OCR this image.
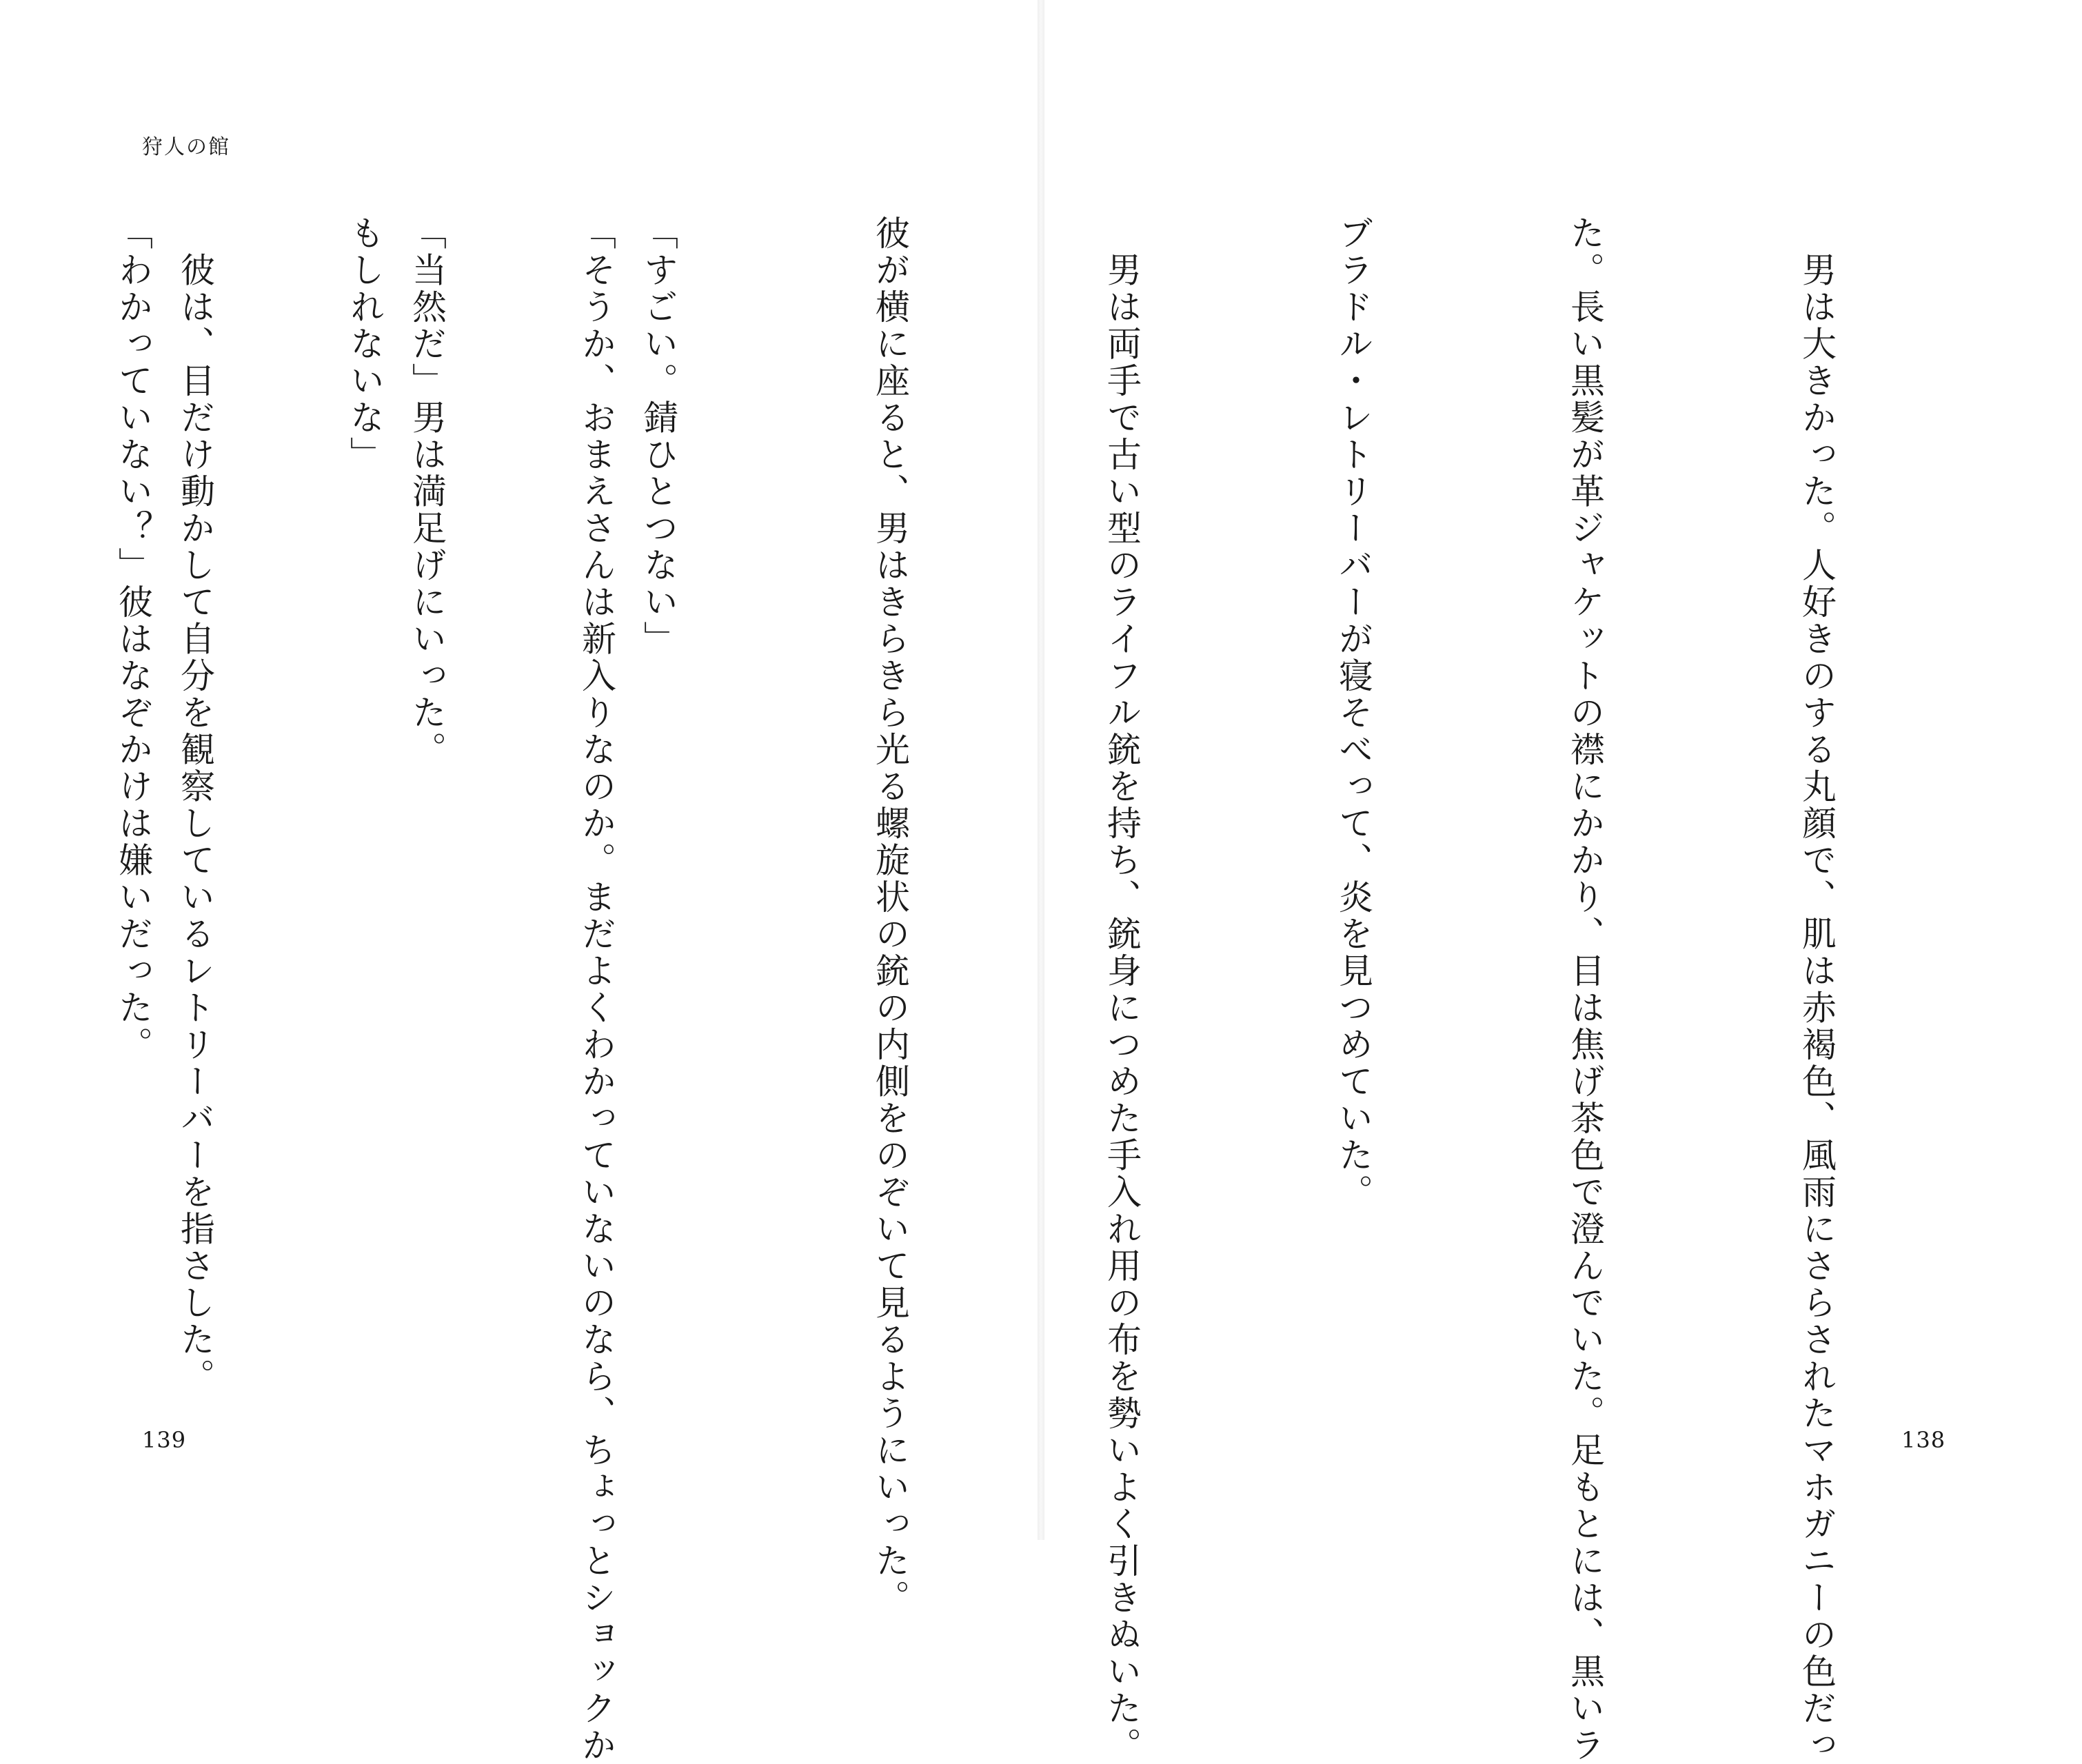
狩人の館

「そうか、おまえさんは新入りなのか。まだよくわかっていないのなら、ちょっとショックか

もしれないな」

「わかっていない？」彼はなぞかけは嫌いだった。

139

	　男は大きかった。人好きのする丸顔で、肌は赤褐色、風雨にさらされたマホガニーの色だっ

た。長い黒髪が革ジャケットの襟にかかり、目は焦げ茶色で澄んでいた。足もとには、黒いラ

ブラドル・レトリーバーが寝そべって、炎を見つめていた。

　男は両手で古い型のライフル銃を持ち、銃身につめた手入れ用の布を勢いよく引きぬいた。

彼が横に座ると、男はきらきら光る螺旋状の銃の内側をのぞいて見るようにいった。

「すごい。錆ひとつない」

「当然だ」男は満足げにいった。

　彼は、目だけ動かして自分を観察しているレトリーバーを指さした。

138
